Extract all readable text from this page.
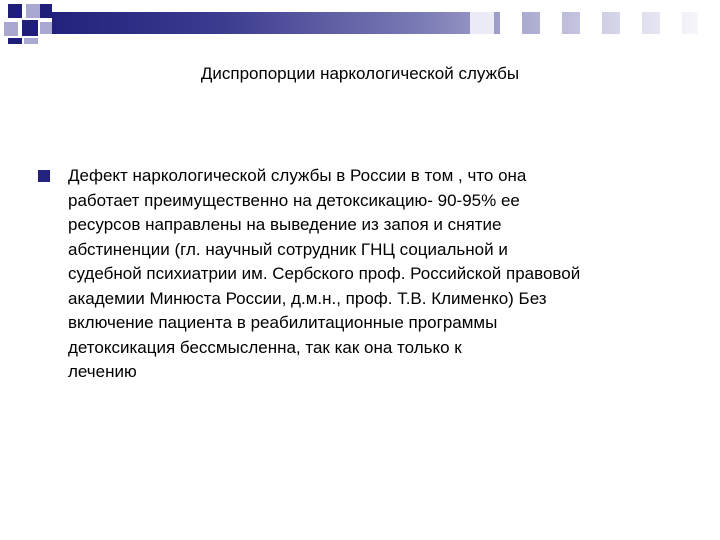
Диспропорции наркологической службы
Дефект наркологической службы в России в том , что она
работает преимущественно на детоксикацию- 90-95% ее
ресурсов направлены на выведение из запоя и снятие
абстиненции (гл. научный сотрудник ГНЦ социальной и
судебной психиатрии им. Сербского проф. Российской правовой
академии Минюста России, д.м.н., проф. Т.В. Клименко) Без
включение пациента в реабилитационные программы
детоксикация бессмысленна, так как она только к
лечению
